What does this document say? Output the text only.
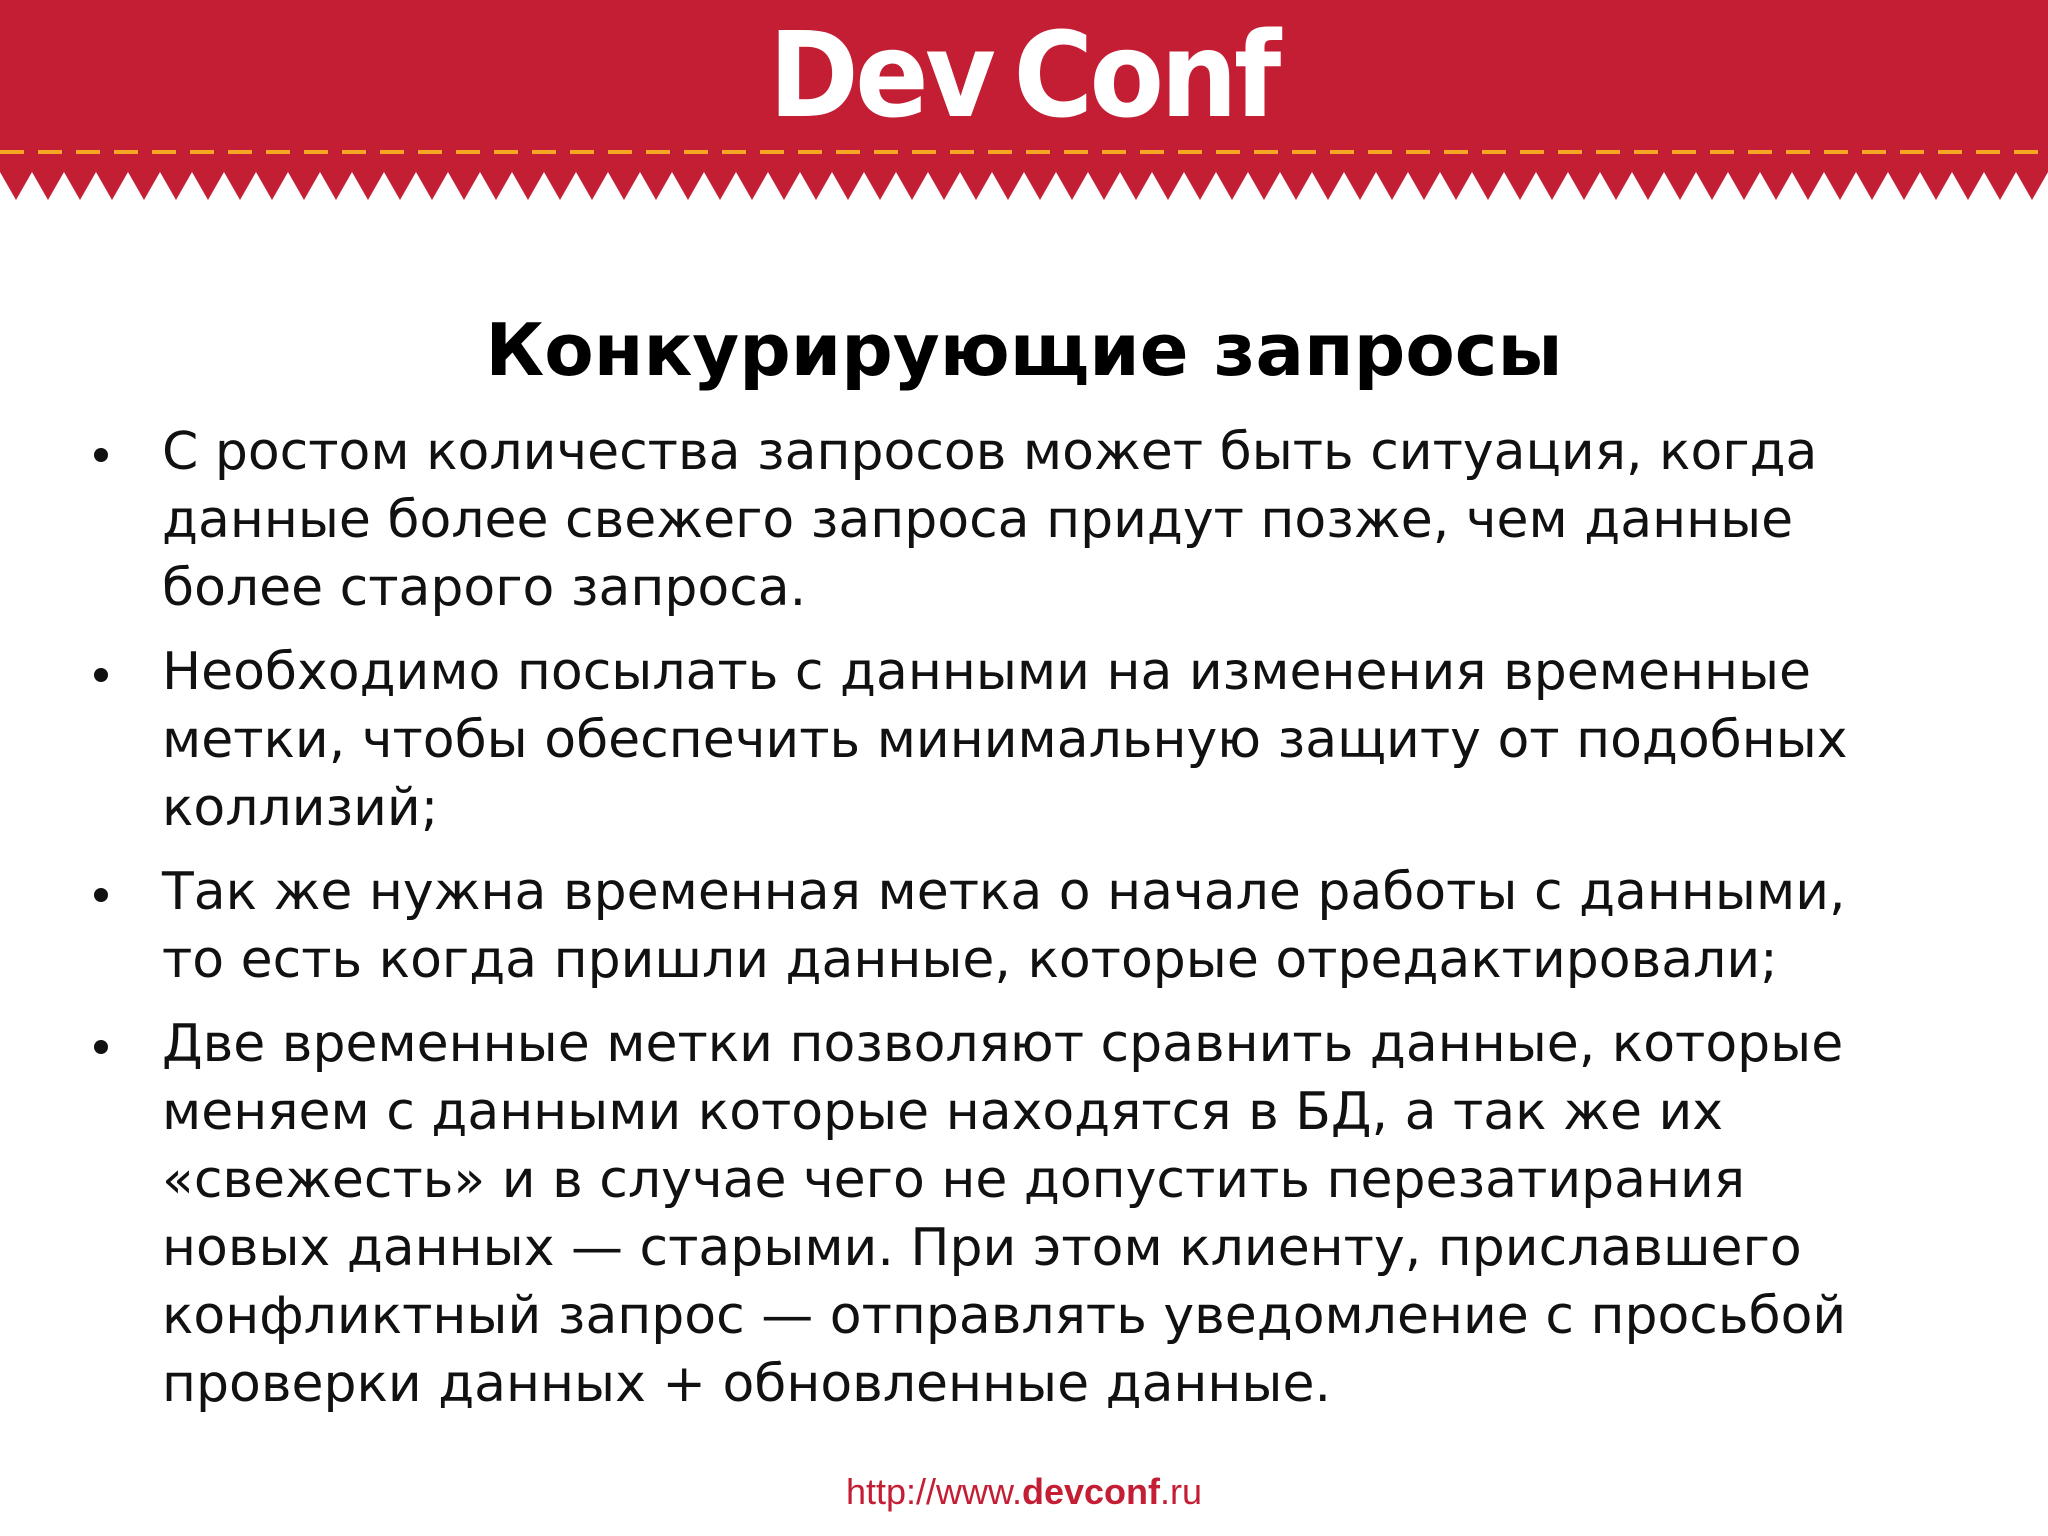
Dev Conf
Конкурирующие запросы
С ростом количества запросов может быть ситуация, когда данные более свежего запроса придут позже, чем данные более старого запроса.
Необходимо посылать с данными на изменения временные метки, чтобы обеспечить минимальную защиту от подобных коллизий;
Так же нужна временная метка о начале работы с данными, то есть когда пришли данные, которые отредактировали;
Две временные метки позволяют сравнить данные, которые меняем с данными которые находятся в БД, а так же их «свежесть» и в случае чего не допустить перезатирания новых данных — старыми. При этом клиенту, приславшего конфликтный запрос — отправлять уведомление с просьбой проверки данных + обновленные данные.
http://www.devconf.ru
